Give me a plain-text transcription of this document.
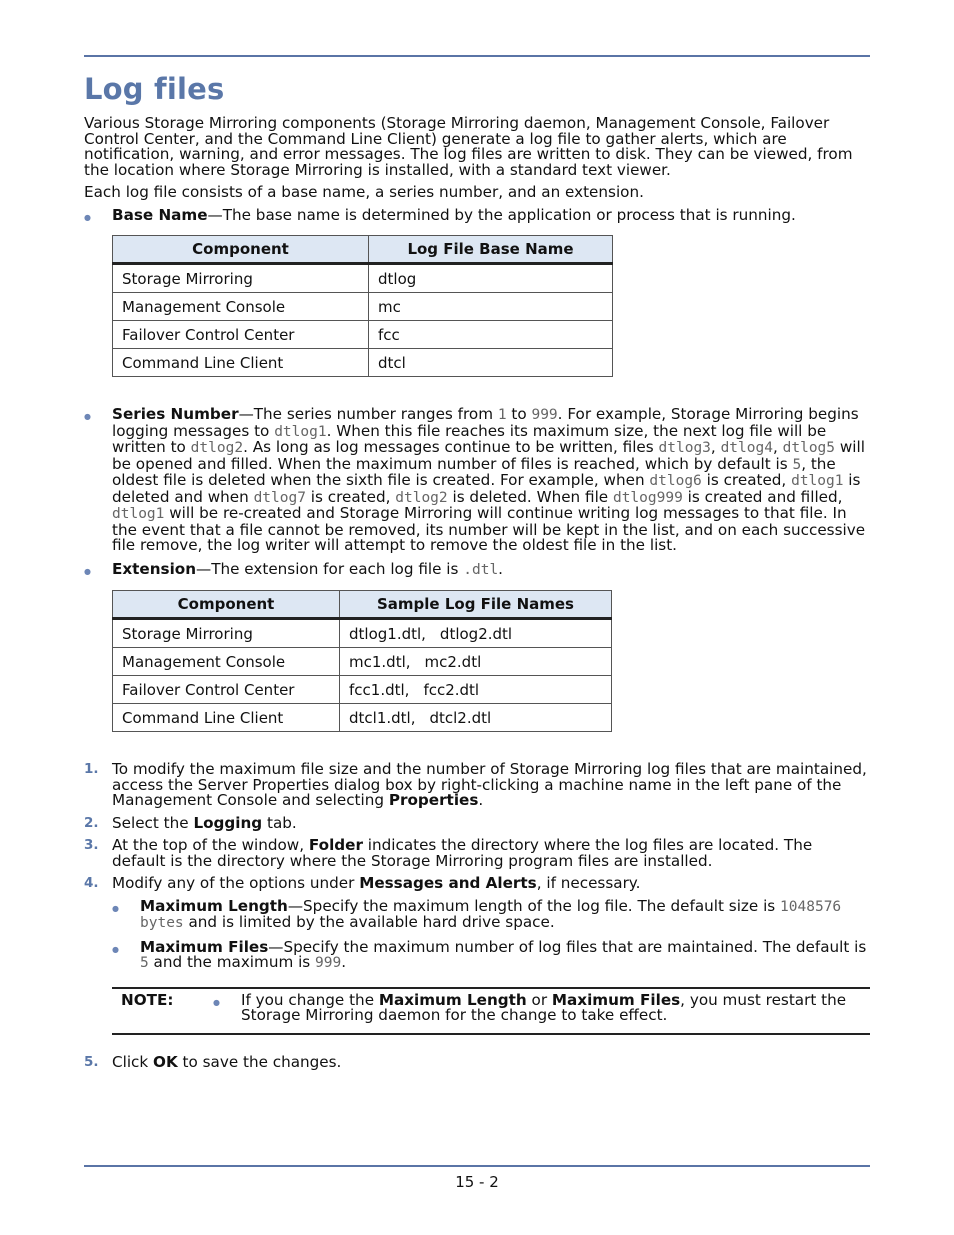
Log files

Various Storage Mirroring components (Storage Mirroring daemon, Management Console, Failover Control Center, and the Command Line Client) generate a log file to gather alerts, which are notification, warning, and error messages. The log files are written to disk. They can be viewed, from the location where Storage Mirroring is installed, with a standard text viewer.

Each log file consists of a base name, a series number, and an extension.

● Base Name—The base name is determined by the application or process that is running.
Component	Log File Base Name
Storage Mirroring	dtlog
Management Console	mc
Failover Control Center	fcc
Command Line Client	dtcl
● Series Number—The series number ranges from 1 to 999. For example, Storage Mirroring begins logging messages to dtlog1. When this file reaches its maximum size, the next log file will be written to dtlog2. As long as log messages continue to be written, files dtlog3, dtlog4, dtlog5 will be opened and filled. When the maximum number of files is reached, which by default is 5, the oldest file is deleted when the sixth file is created. For example, when dtlog6 is created, dtlog1 is deleted and when dtlog7 is created, dtlog2 is deleted. When file dtlog999 is created and filled, dtlog1 will be re-created and Storage Mirroring will continue writing log messages to that file. In the event that a file cannot be removed, its number will be kept in the list, and on each successive file remove, the log writer will attempt to remove the oldest file in the list.
● Extension—The extension for each log file is .dtl.
Component	Sample Log File Names
Storage Mirroring	dtlog1.dtl, dtlog2.dtl
Management Console	mc1.dtl, mc2.dtl
Failover Control Center	fcc1.dtl, fcc2.dtl
Command Line Client	dtcl1.dtl, dtcl2.dtl
1. To modify the maximum file size and the number of Storage Mirroring log files that are maintained, access the Server Properties dialog box by right-clicking a machine name in the left pane of the Management Console and selecting Properties.
2. Select the Logging tab.
3. At the top of the window, Folder indicates the directory where the log files are located. The default is the directory where the Storage Mirroring program files are installed.
4. Modify any of the options under Messages and Alerts, if necessary.
● Maximum Length—Specify the maximum length of the log file. The default size is 1048576 bytes and is limited by the available hard drive space.
● Maximum Files—Specify the maximum number of log files that are maintained. The default is 5 and the maximum is 999.
NOTE:	● If you change the Maximum Length or Maximum Files, you must restart the Storage Mirroring daemon for the change to take effect.
5. Click OK to save the changes.
15 - 2
